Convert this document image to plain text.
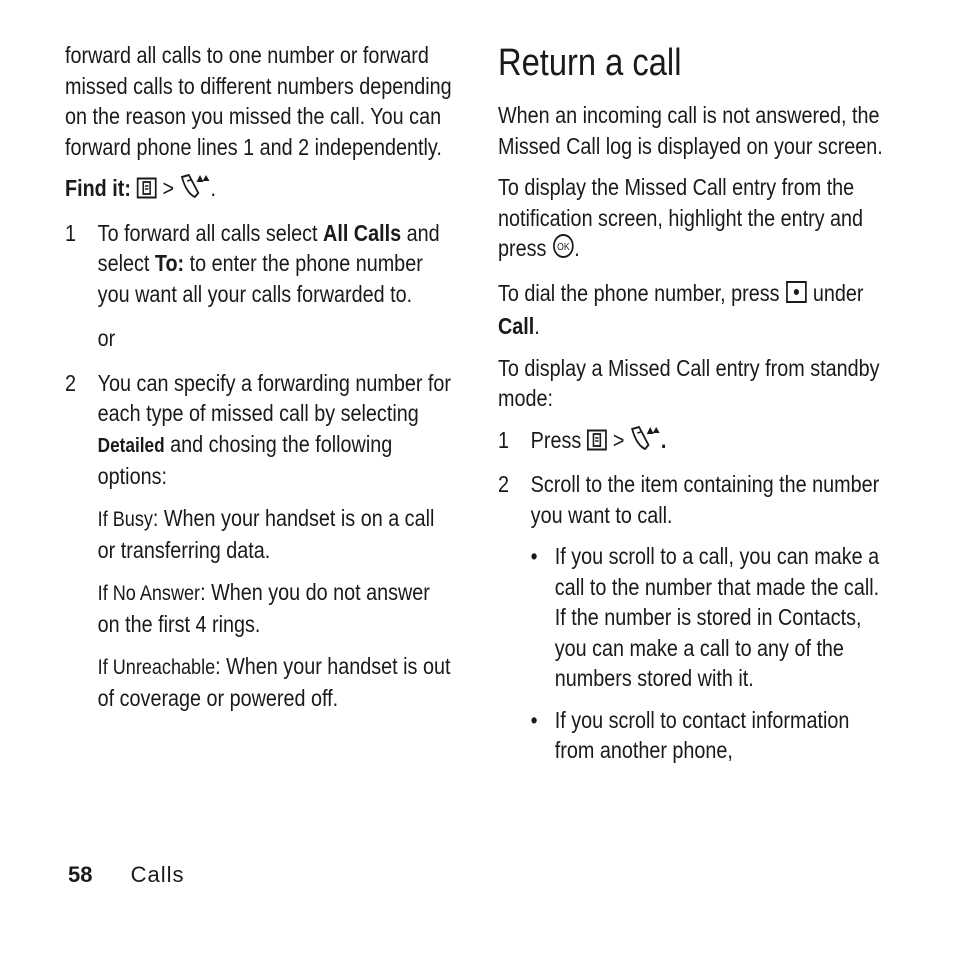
forward all calls to one number or forward missed calls to different numbers depending on the reason you missed the call. You can forward phone lines 1 and 2 independently.

Find it: > .

1 To forward all calls select All Calls and select To: to enter the phone number you want all your calls forwarded to.

or

2 You can specify a forwarding number for each type of missed call by selecting Detailed and chosing the following options:

If Busy: When your handset is on a call or transferring data.

If No Answer: When you do not answer on the first 4 rings.

If Unreachable: When your handset is out of coverage or powered off.

Return a call

When an incoming call is not answered, the Missed Call log is displayed on your screen.

To display the Missed Call entry from the notification screen, highlight the entry and press OK .

To dial the phone number, press  under Call.

To display a Missed Call entry from standby mode:

1 Press  > .
2 Scroll to the item containing the number you want to call.
• If you scroll to a call, you can make a call to the number that made the call. If the number is stored in Contacts, you can make a call to any of the numbers stored with it.
• If you scroll to contact information from another phone,
58 Calls
